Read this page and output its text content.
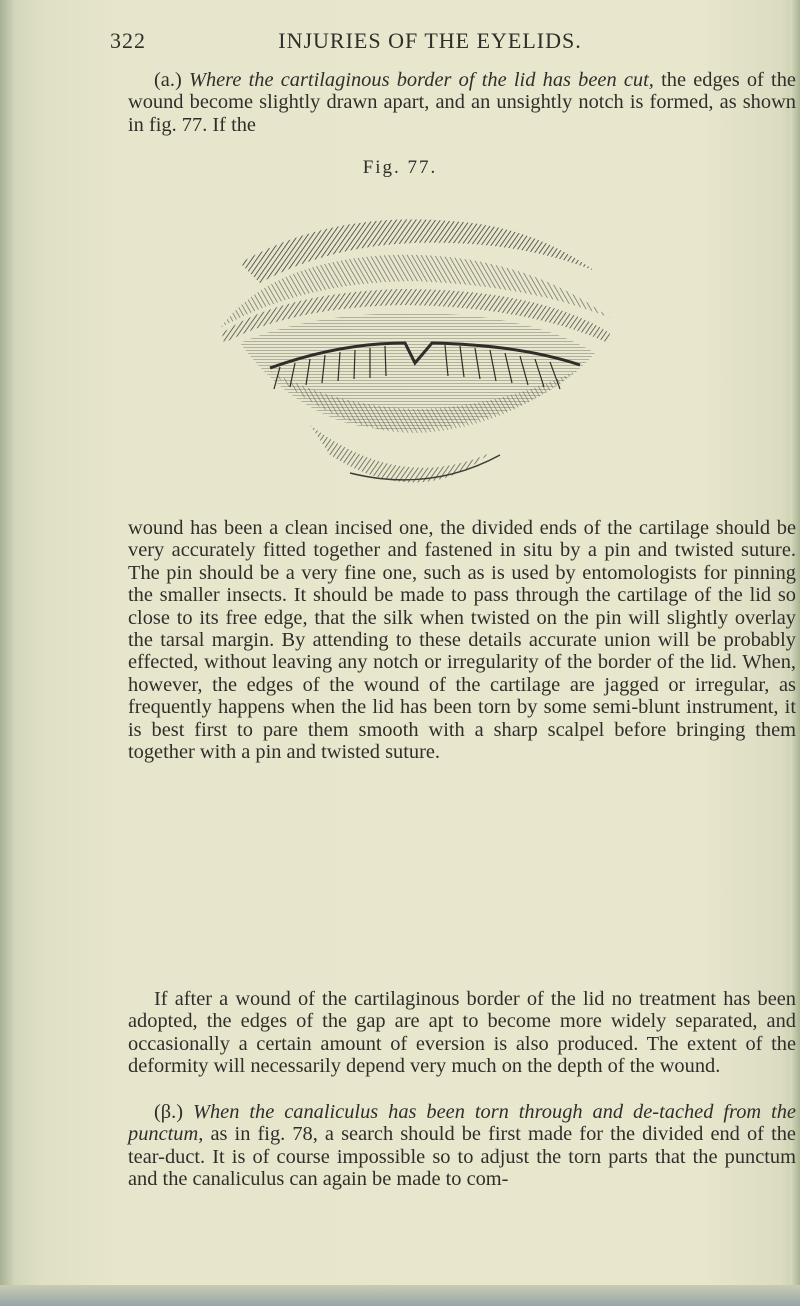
322	INJURIES OF THE EYELIDS.

(a.) Where the cartilaginous border of the lid has been cut, the edges of the wound become slightly drawn apart, and an unsightly notch is formed, as shown in fig. 77. If the

Fig. 77.

wound has been a clean incised one, the divided ends of the cartilage should be very accurately fitted together and fastened in situ by a pin and twisted suture. The pin should be a very fine one, such as is used by entomologists for pinning the smaller insects. It should be made to pass through the cartilage of the lid so close to its free edge, that the silk when twisted on the pin will slightly overlay the tarsal margin. By attending to these details accurate union will be probably effected, without leaving any notch or irregularity of the border of the lid. When, however, the edges of the wound of the cartilage are jagged or irregular, as frequently happens when the lid has been torn by some semi-blunt instrument, it is best first to pare them smooth with a sharp scalpel before bringing them together with a pin and twisted suture.

If after a wound of the cartilaginous border of the lid no treatment has been adopted, the edges of the gap are apt to become more widely separated, and occasionally a certain amount of eversion is also produced. The extent of the deformity will necessarily depend very much on the depth of the wound.

(β.) When the canaliculus has been torn through and de-tached from the punctum, as in fig. 78, a search should be first made for the divided end of the tear-duct. It is of course impossible so to adjust the torn parts that the punctum and the canaliculus can again be made to com-
